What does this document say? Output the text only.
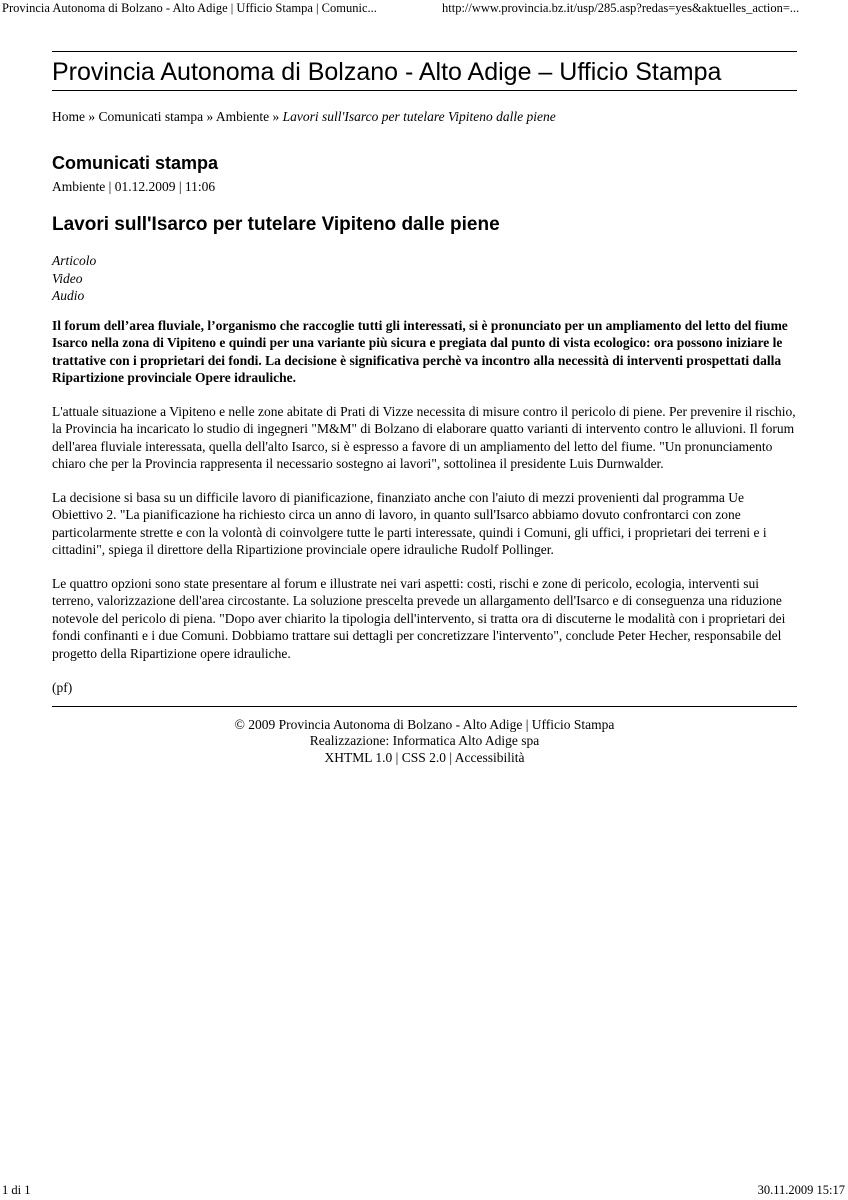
Provincia Autonoma di Bolzano - Alto Adige | Ufficio Stampa | Comunic...	http://www.provincia.bz.it/usp/285.asp?redas=yes&aktuelles_action=...
Provincia Autonoma di Bolzano - Alto Adige – Ufficio Stampa
Home » Comunicati stampa » Ambiente » Lavori sull'Isarco per tutelare Vipiteno dalle piene
Comunicati stampa
Ambiente | 01.12.2009 | 11:06
Lavori sull'Isarco per tutelare Vipiteno dalle piene
Articolo
Video
Audio
Il forum dell’area fluviale, l’organismo che raccoglie tutti gli interessati, si è pronunciato per un ampliamento del letto del fiume Isarco nella zona di Vipiteno e quindi per una variante più sicura e pregiata dal punto di vista ecologico: ora possono iniziare le trattative con i proprietari dei fondi. La decisione è significativa perchè va incontro alla necessità di interventi prospettati dalla Ripartizione provinciale Opere idrauliche.
L'attuale situazione a Vipiteno e nelle zone abitate di Prati di Vizze necessita di misure contro il pericolo di piene. Per prevenire il rischio, la Provincia ha incaricato lo studio di ingegneri "M&M" di Bolzano di elaborare quatto varianti di intervento contro le alluvioni. Il forum dell'area fluviale interessata, quella dell'alto Isarco, si è espresso a favore di un ampliamento del letto del fiume. "Un pronunciamento chiaro che per la Provincia rappresenta il necessario sostegno ai lavori", sottolinea il presidente Luis Durnwalder.
La decisione si basa su un difficile lavoro di pianificazione, finanziato anche con l'aiuto di mezzi provenienti dal programma Ue Obiettivo 2. "La pianificazione ha richiesto circa un anno di lavoro, in quanto sull'Isarco abbiamo dovuto confrontarci con zone particolarmente strette e con la volontà di coinvolgere tutte le parti interessate, quindi i Comuni, gli uffici, i proprietari dei terreni e i cittadini", spiega il direttore della Ripartizione provinciale opere idrauliche Rudolf Pollinger.
Le quattro opzioni sono state presentare al forum e illustrate nei vari aspetti: costi, rischi e zone di pericolo, ecologia, interventi sui terreno, valorizzazione dell'area circostante. La soluzione prescelta prevede un allargamento dell'Isarco e di conseguenza una riduzione notevole del pericolo di piena. "Dopo aver chiarito la tipologia dell'intervento, si tratta ora di discuterne le modalità con i proprietari dei fondi confinanti e i due Comuni. Dobbiamo trattare sui dettagli per concretizzare l'intervento", conclude Peter Hecher, responsabile del progetto della Ripartizione opere idrauliche.
(pf)
© 2009 Provincia Autonoma di Bolzano - Alto Adige | Ufficio Stampa
Realizzazione: Informatica Alto Adige spa
XHTML 1.0 | CSS 2.0 | Accessibilità
1 di 1	30.11.2009 15:17
